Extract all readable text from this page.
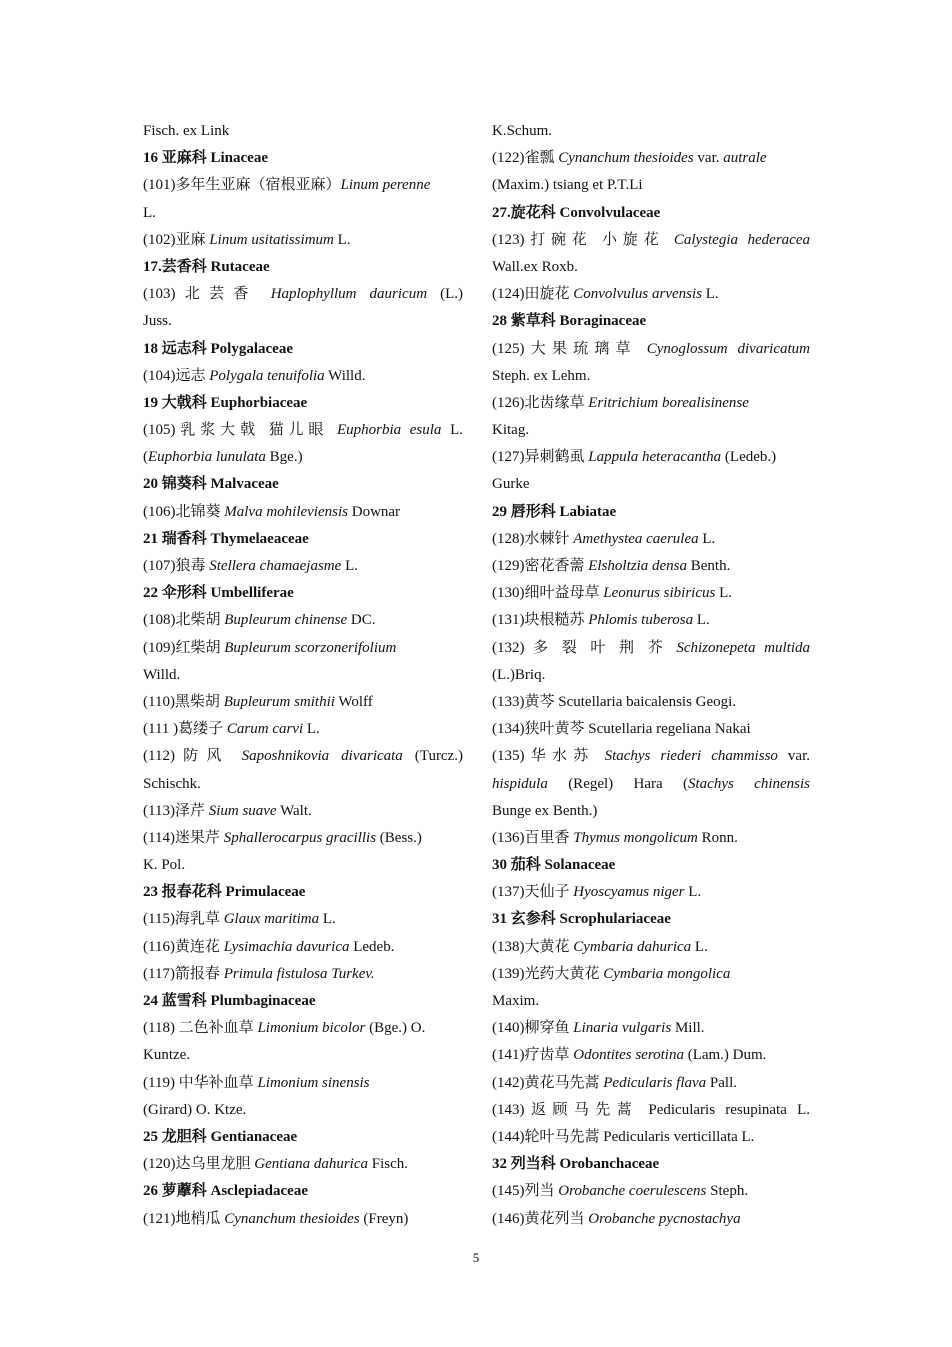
Fisch. ex Link
16 亚麻科 Linaceae
(101)多年生亚麻（宿根亚麻）Linum perenne
L.
(102)亚麻 Linum usitatissimum L.
17.芸香科 Rutaceae
(103)北芸香 Haplophyllum dauricum (L.)
Juss.
18 远志科 Polygalaceae
(104)远志 Polygala tenuifolia Willd.
19 大戟科 Euphorbiaceae
(105)乳浆大戟 猫儿眼 Euphorbia esula L.
(Euphorbia lunulata Bge.)
20 锦葵科 Malvaceae
(106)北锦葵 Malva mohileviensis Downar
21 瑞香科 Thymelaeaceae
(107)狼毒 Stellera chamaejasme L.
22 伞形科 Umbelliferae
(108)北柴胡 Bupleurum chinense DC.
(109)红柴胡 Bupleurum scorzonerifolium
Willd.
(110)黑柴胡 Bupleurum smithii Wolff
(111 )葛缕子 Carum carvi L.
(112)防风 Saposhnikovia divaricata (Turcz.)
Schischk.
(113)泽芹 Sium suave Walt.
(114)迷果芹 Sphallerocarpus gracillis (Bess.)
K. Pol.
23 报春花科 Primulaceae
(115)海乳草 Glaux maritima L.
(116)黄连花 Lysimachia davurica Ledeb.
(117)箭报春 Primula fistulosa Turkev.
24 蓝雪科 Plumbaginaceae
(118) 二色补血草 Limonium bicolor (Bge.) O.
Kuntze.
(119) 中华补血草 Limonium sinensis
(Girard) O. Ktze.
25 龙胆科 Gentianaceae
(120)达乌里龙胆 Gentiana dahurica Fisch.
26 萝藦科 Asclepiadaceae
(121)地梢瓜 Cynanchum thesioides (Freyn)
K.Schum.
(122)雀瓢 Cynanchum thesioides var. autrale
(Maxim.) tsiang et P.T.Li
27.旋花科 Convolvulaceae
(123)打碗花 小旋花 Calystegia hederacea
Wall.ex Roxb.
(124)田旋花 Convolvulus arvensis L.
28 紫草科 Boraginaceae
(125)大果琉璃草 Cynoglossum divaricatum
Steph. ex Lehm.
(126)北齿缘草 Eritrichium borealisinense
Kitag.
(127)异刺鹤虱 Lappula heteracantha (Ledeb.)
Gurke
29 唇形科 Labiatae
(128)水棘针 Amethystea caerulea L.
(129)密花香薷 Elsholtzia densa Benth.
(130)细叶益母草 Leonurus sibiricus L.
(131)块根糙苏 Phlomis tuberosa L.
(132) 多 裂 叶 荆 芥 Schizonepeta multida
(L.)Briq.
(133)黄芩 Scutellaria baicalensis Geogi.
(134)狭叶黄芩 Scutellaria regeliana Nakai
(135)华水苏 Stachys riederi chammisso var.
hispidula (Regel) Hara (Stachys chinensis
Bunge ex Benth.)
(136)百里香 Thymus mongolicum Ronn.
30 茄科 Solanaceae
(137)天仙子 Hyoscyamus niger L.
31 玄参科 Scrophulariaceae
(138)大黄花 Cymbaria dahurica L.
(139)光药大黄花 Cymbaria mongolica
Maxim.
(140)柳穿鱼 Linaria vulgaris Mill.
(141)疗齿草 Odontites serotina (Lam.) Dum.
(142)黄花马先蒿 Pedicularis flava Pall.
(143)返顾马先蒿 Pedicularis resupinata L.
(144)轮叶马先蒿 Pedicularis verticillata L.
32 列当科 Orobanchaceae
(145)列当 Orobanche coerulescens Steph.
(146)黄花列当 Orobanche pycnostachya
5
